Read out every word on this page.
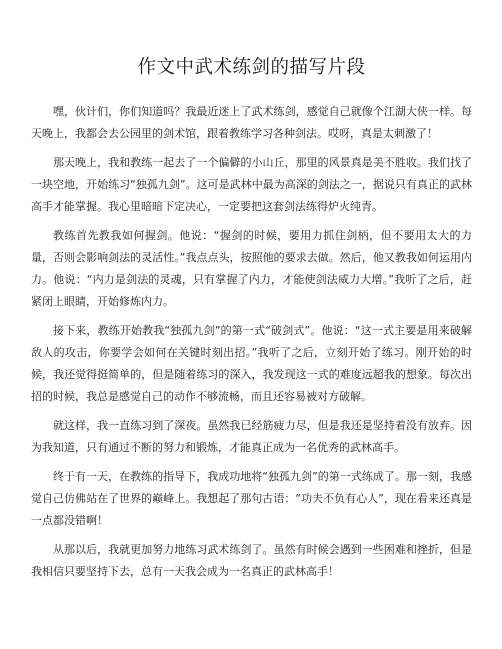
作文中武术练剑的描写片段

嘿，伙计们，你们知道吗？我最近迷上了武术练剑，感觉自己就像个江湖大侠一样。每天晚上，我都会去公园里的剑术馆，跟着教练学习各种剑法。哎呀，真是太刺激了！

那天晚上，我和教练一起去了一个偏僻的小山丘，那里的风景真是美不胜收。我们找了一块空地，开始练习“独孤九剑”。这可是武林中最为高深的剑法之一，据说只有真正的武林高手才能掌握。我心里暗暗下定决心，一定要把这套剑法练得炉火纯青。

教练首先教我如何握剑。他说：“握剑的时候，要用力抓住剑柄，但不要用太大的力量，否则会影响剑法的灵活性。”我点点头，按照他的要求去做。然后，他又教我如何运用内力。他说：“内力是剑法的灵魂，只有掌握了内力，才能使剑法威力大增。”我听了之后，赶紧闭上眼睛，开始修炼内力。

接下来，教练开始教我“独孤九剑”的第一式“破剑式”。他说：“这一式主要是用来破解敌人的攻击，你要学会如何在关键时刻出招。”我听了之后，立刻开始了练习。刚开始的时候，我还觉得挺简单的，但是随着练习的深入，我发现这一式的难度远超我的想象。每次出招的时候，我总是感觉自己的动作不够流畅，而且还容易被对方破解。

就这样，我一直练习到了深夜。虽然我已经筋疲力尽，但是我还是坚持着没有放弃。因为我知道，只有通过不断的努力和锻炼，才能真正成为一名优秀的武林高手。

终于有一天，在教练的指导下，我成功地将“独孤九剑”的第一式练成了。那一刻，我感觉自己仿佛站在了世界的巅峰上。我想起了那句古语：“功夫不负有心人”，现在看来还真是一点都没错啊！

从那以后，我就更加努力地练习武术练剑了。虽然有时候会遇到一些困难和挫折，但是我相信只要坚持下去，总有一天我会成为一名真正的武林高手！
